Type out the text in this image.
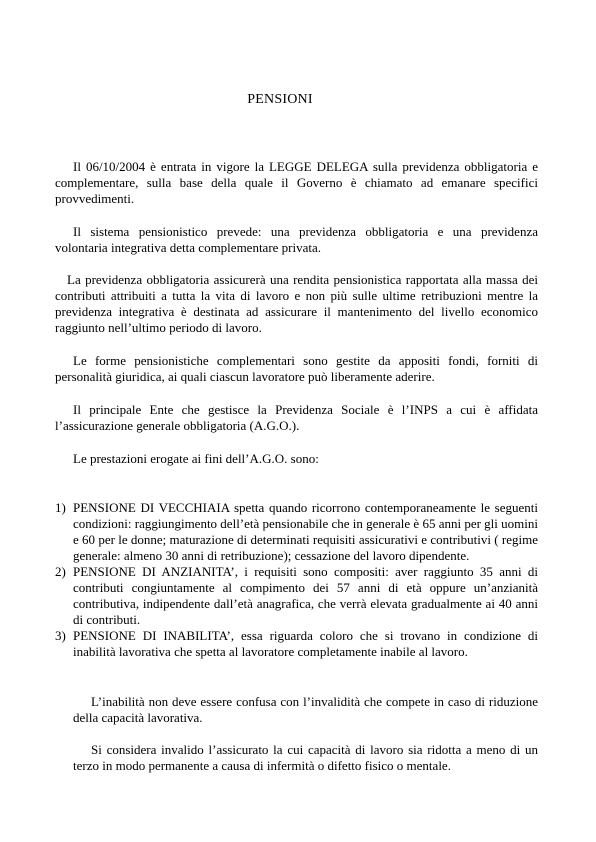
PENSIONI

Il 06/10/2004 è entrata in vigore la LEGGE DELEGA sulla previdenza obbligatoria e complementare, sulla base della quale il Governo è chiamato ad emanare specifici provvedimenti.

Il sistema pensionistico prevede: una previdenza obbligatoria e una previdenza volontaria integrativa detta complementare privata.

La previdenza obbligatoria assicurerà una rendita pensionistica rapportata alla massa dei contributi attribuiti a tutta la vita di lavoro e non più sulle ultime retribuzioni mentre la previdenza integrativa è destinata ad assicurare il mantenimento del livello economico raggiunto nell’ultimo periodo di lavoro.

Le forme pensionistiche complementari sono gestite da appositi fondi, forniti di personalità giuridica, ai quali ciascun lavoratore può liberamente aderire.

Il principale Ente che gestisce la Previdenza Sociale è l’INPS a cui è affidata l’assicurazione generale obbligatoria (A.G.O.).

Le prestazioni erogate ai fini dell’A.G.O. sono:

1) PENSIONE DI VECCHIAIA spetta quando ricorrono contemporaneamente le seguenti condizioni: raggiungimento dell’età pensionabile che in generale è 65 anni per gli uomini e 60 per le donne; maturazione di determinati requisiti assicurativi e contributivi ( regime generale: almeno 30 anni di retribuzione); cessazione del lavoro dipendente.
2) PENSIONE DI ANZIANITA’, i requisiti sono compositi: aver raggiunto 35 anni di contributi congiuntamente al compimento dei 57 anni di età oppure un’anzianità contributiva, indipendente dall’età anagrafica, che verrà elevata gradualmente ai 40 anni di contributi.
3) PENSIONE DI INABILITA’, essa riguarda coloro che si trovano in condizione di inabilità lavorativa che spetta al lavoratore completamente inabile al lavoro.

L’inabilità non deve essere confusa con l’invalidità che compete in caso di riduzione della capacità lavorativa.

Si considera invalido l’assicurato la cui capacità di lavoro sia ridotta a meno di un terzo in modo permanente a causa di infermità o difetto fisico o mentale.
